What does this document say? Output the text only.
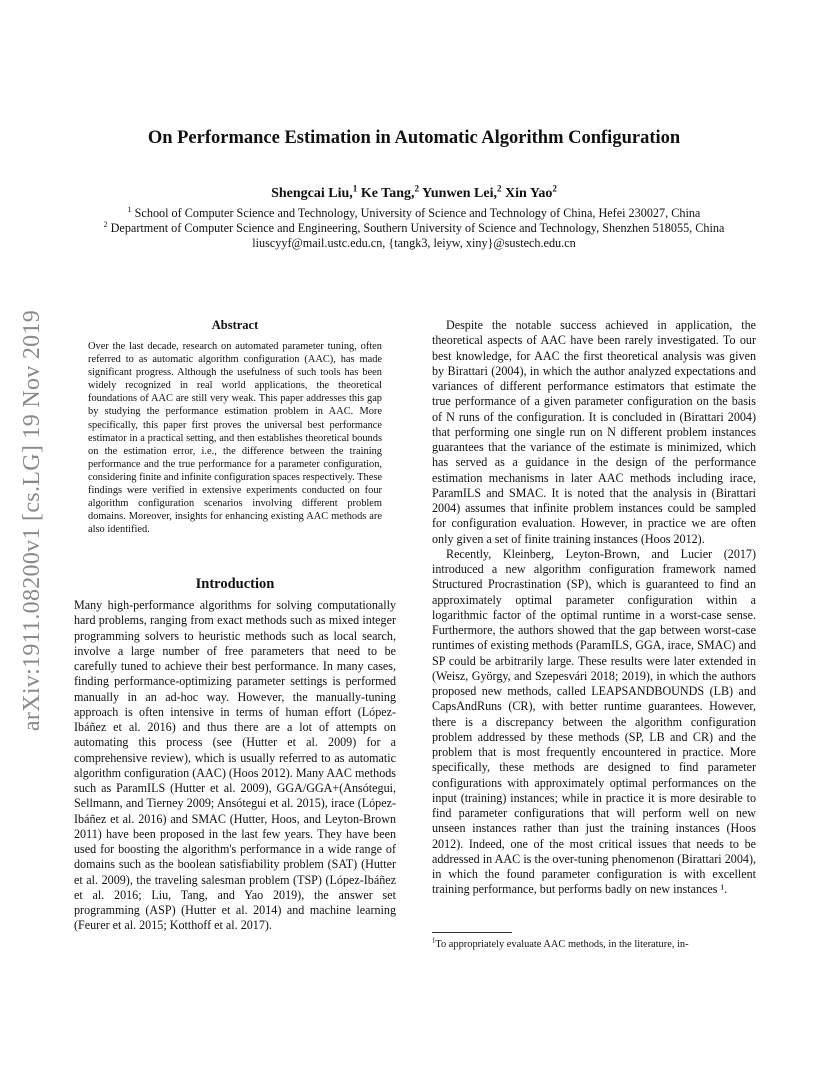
arXiv:1911.08200v1 [cs.LG] 19 Nov 2019
On Performance Estimation in Automatic Algorithm Configuration
Shengcai Liu,$^1$ Ke Tang,$^2$ Yunwen Lei,$^2$ Xin Yao$^2$
$^1$ School of Computer Science and Technology, University of Science and Technology of China, Hefei 230027, China
$^2$ Department of Computer Science and Engineering, Southern University of Science and Technology, Shenzhen 518055, China
liuscyyf@mail.ustc.edu.cn, {tangk3, leiyw, xiny}@sustech.edu.cn
Abstract
Over the last decade, research on automated parameter tuning, often referred to as automatic algorithm configuration (AAC), has made significant progress. Although the usefulness of such tools has been widely recognized in real world applications, the theoretical foundations of AAC are still very weak. This paper addresses this gap by studying the performance estimation problem in AAC. More specifically, this paper first proves the universal best performance estimator in a practical setting, and then establishes theoretical bounds on the estimation error, i.e., the difference between the training performance and the true performance for a parameter configuration, considering finite and infinite configuration spaces respectively. These findings were verified in extensive experiments conducted on four algorithm configuration scenarios involving different problem domains. Moreover, insights for enhancing existing AAC methods are also identified.
Introduction

Many high-performance algorithms for solving computationally hard problems, ranging from exact methods such as mixed integer programming solvers to heuristic methods such as local search, involve a large number of free parameters that need to be carefully tuned to achieve their best performance. In many cases, finding performance-optimizing parameter settings is performed manually in an ad-hoc way. However, the manually-tuning approach is often intensive in terms of human effort (López-Ibáñez et al. 2016) and thus there are a lot of attempts on automating this process (see (Hutter et al. 2009) for a comprehensive review), which is usually referred to as automatic algorithm configuration (AAC) (Hoos 2012). Many AAC methods such as ParamILS (Hutter et al. 2009), GGA/GGA+(Ansótegui, Sellmann, and Tierney 2009; Ansótegui et al. 2015), irace (López-Ibáñez et al. 2016) and SMAC (Hutter, Hoos, and Leyton-Brown 2011) have been proposed in the last few years. They have been used for boosting the algorithm's performance in a wide range of domains such as the boolean satisfiability problem (SAT) (Hutter et al. 2009), the traveling salesman problem (TSP) (López-Ibáñez et al. 2016; Liu, Tang, and Yao 2019), the answer set programming (ASP) (Hutter et al. 2014) and machine learning (Feurer et al. 2015; Kotthoff et al. 2017).

Despite the notable success achieved in application, the theoretical aspects of AAC have been rarely investigated. To our best knowledge, for AAC the first theoretical analysis was given by Birattari (2004), in which the author analyzed expectations and variances of different performance estimators that estimate the true performance of a given parameter configuration on the basis of N runs of the configuration. It is concluded in (Birattari 2004) that performing one single run on N different problem instances guarantees that the variance of the estimate is minimized, which has served as a guidance in the design of the performance estimation mechanisms in later AAC methods including irace, ParamILS and SMAC. It is noted that the analysis in (Birattari 2004) assumes that infinite problem instances could be sampled for configuration evaluation. However, in practice we are often only given a set of finite training instances (Hoos 2012).

Recently, Kleinberg, Leyton-Brown, and Lucier (2017) introduced a new algorithm configuration framework named Structured Procrastination (SP), which is guaranteed to find an approximately optimal parameter configuration within a logarithmic factor of the optimal runtime in a worst-case sense. Furthermore, the authors showed that the gap between worst-case runtimes of existing methods (ParamILS, GGA, irace, SMAC) and SP could be arbitrarily large. These results were later extended in (Weisz, György, and Szepesvári 2018; 2019), in which the authors proposed new methods, called LEAPSANDBOUNDS (LB) and CapsAndRuns (CR), with better runtime guarantees. However, there is a discrepancy between the algorithm configuration problem addressed by these methods (SP, LB and CR) and the problem that is most frequently encountered in practice. More specifically, these methods are designed to find parameter configurations with approximately optimal performances on the input (training) instances; while in practice it is more desirable to find parameter configurations that will perform well on new unseen instances rather than just the training instances (Hoos 2012). Indeed, one of the most critical issues that needs to be addressed in AAC is the over-tuning phenomenon (Birattari 2004), in which the found parameter configuration is with excellent training performance, but performs badly on new instances ¹.

$^1$To appropriately evaluate AAC methods, in the literature, in-
